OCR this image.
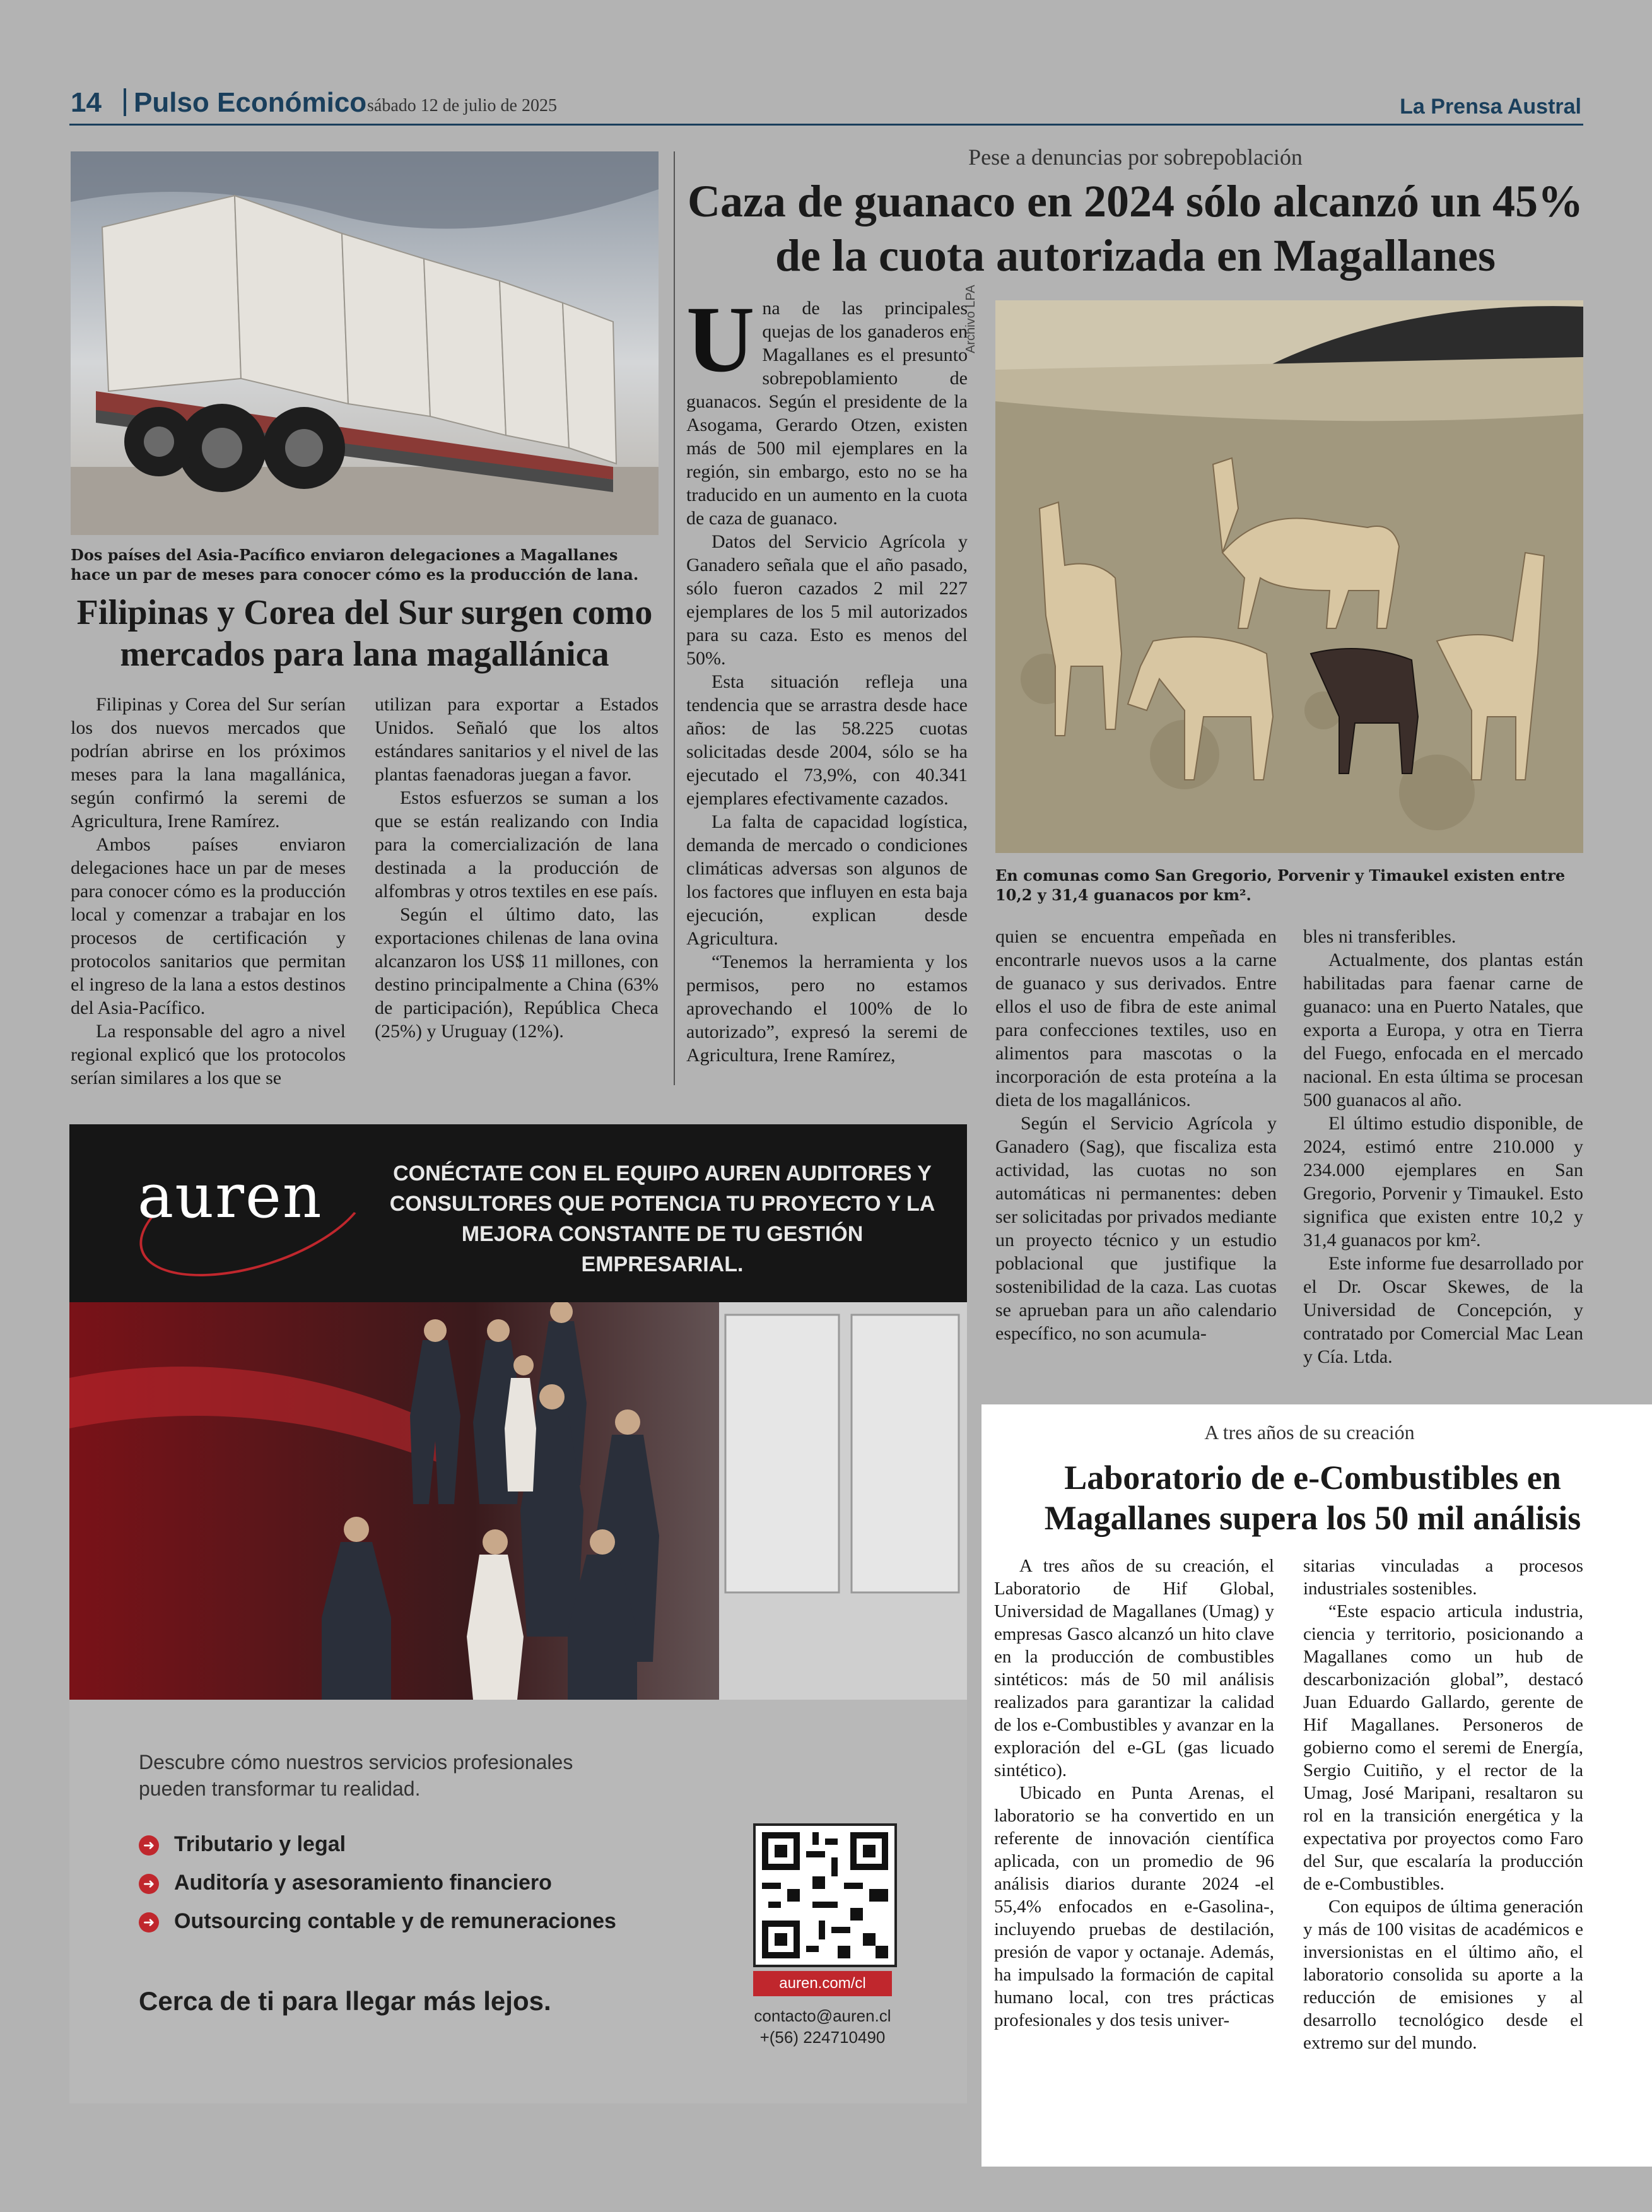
14 Pulso Económico sábado 12 de julio de 2025	La Prensa Austral
Dos países del Asia-Pacífico enviaron delegaciones a Magallanes hace un par de meses para conocer cómo es la producción de lana.
Filipinas y Corea del Sur surgen como mercados para lana magallánica

Filipinas y Corea del Sur serían los dos nuevos mercados que podrían abrirse en los próximos meses para la lana magallánica, según confirmó la seremi de Agricultura, Irene Ramírez.

Ambos países enviaron delegaciones hace un par de meses para conocer cómo es la producción local y comenzar a trabajar en los procesos de certificación y protocolos sanitarios que permitan el ingreso de la lana a estos destinos del Asia-Pacífico.

La responsable del agro a nivel regional explicó que los protocolos serían similares a los que se

utilizan para exportar a Estados Unidos. Señaló que los altos estándares sanitarios y el nivel de las plantas faenadoras juegan a favor.

Estos esfuerzos se suman a los que se están realizando con India para la comercialización de lana destinada a la producción de alfombras y otros textiles en ese país.

Según el último dato, las exportaciones chilenas de lana ovina alcanzaron los US$ 11 millones, con destino principalmente a China (63% de participación), República Checa (25%) y Uruguay (12%).

Pese a denuncias por sobrepoblación
Caza de guanaco en 2024 sólo alcanzó un 45% de la cuota autorizada en Magallanes
Archivo LPA
En comunas como San Gregorio, Porvenir y Timaukel existen entre 10,2 y 31,4 guanacos por km².
U na de las principales quejas de los ganaderos en Magallanes es el presunto sobrepoblamiento de guanacos. Según el presidente de la Asogama, Gerardo Otzen, existen más de 500 mil ejemplares en la región, sin embargo, esto no se ha traducido en un aumento en la cuota de caza de guanaco.

Datos del Servicio Agrícola y Ganadero señala que el año pasado, sólo fueron cazados 2 mil 227 ejemplares de los 5 mil autorizados para su caza. Esto es menos del 50%.

Esta situación refleja una tendencia que se arrastra desde hace años: de las 58.225 cuotas solicitadas desde 2004, sólo se ha ejecutado el 73,9%, con 40.341 ejemplares efectivamente cazados.

La falta de capacidad logística, demanda de mercado o condiciones climáticas adversas son algunos de los factores que influyen en esta baja ejecución, explican desde Agricultura.

“Tenemos la herramienta y los permisos, pero no estamos aprovechando el 100% de lo autorizado”, expresó la seremi de Agricultura, Irene Ramírez,

quien se encuentra empeñada en encontrarle nuevos usos a la carne de guanaco y sus derivados. Entre ellos el uso de fibra de este animal para confecciones textiles, uso en alimentos para mascotas o la incorporación de esta proteína a la dieta de los magallánicos.

Según el Servicio Agrícola y Ganadero (Sag), que fiscaliza esta actividad, las cuotas no son automáticas ni permanentes: deben ser solicitadas por privados mediante un proyecto técnico y un estudio poblacional que justifique la sostenibilidad de la caza. Las cuotas se aprueban para un año calendario específico, no son acumula-

bles ni transferibles.

Actualmente, dos plantas están habilitadas para faenar carne de guanaco: una en Puerto Natales, que exporta a Europa, y otra en Tierra del Fuego, enfocada en el mercado nacional. En esta última se procesan 500 guanacos al año.

El último estudio disponible, de 2024, estimó entre 210.000 y 234.000 ejemplares en San Gregorio, Porvenir y Timaukel. Esto significa que existen entre 10,2 y 31,4 guanacos por km².

Este informe fue desarrollado por el Dr. Oscar Skewes, de la Universidad de Concepción, y contratado por Comercial Mac Lean y Cía. Ltda.

auren	CONÉCTATE CON EL EQUIPO AUREN AUDITORES Y CONSULTORES QUE POTENCIA TU PROYECTO Y LA MEJORA CONSTANTE DE TU GESTIÓN EMPRESARIAL.
Descubre cómo nuestros servicios profesionales pueden transformar tu realidad.
➜ Tributario y legal
➜ Auditoría y asesoramiento financiero
➜ Outsourcing contable y de remuneraciones
Cerca de ti para llegar más lejos.
auren.com/cl
contacto@auren.cl
+(56) 224710490
A tres años de su creación
Laboratorio de e-Combustibles en Magallanes supera los 50 mil análisis

A tres años de su creación, el Laboratorio de Hif Global, Universidad de Magallanes (Umag) y empresas Gasco alcanzó un hito clave en la producción de combustibles sintéticos: más de 50 mil análisis realizados para garantizar la calidad de los e-Combustibles y avanzar en la exploración del e-GL (gas licuado sintético).

Ubicado en Punta Arenas, el laboratorio se ha convertido en un referente de innovación científica aplicada, con un promedio de 96 análisis diarios durante 2024 -el 55,4% enfocados en e-Gasolina-, incluyendo pruebas de destilación, presión de vapor y octanaje. Además, ha impulsado la formación de capital humano local, con tres prácticas profesionales y dos tesis univer-

sitarias vinculadas a procesos industriales sostenibles.

“Este espacio articula industria, ciencia y territorio, posicionando a Magallanes como un hub de descarbonización global”, destacó Juan Eduardo Gallardo, gerente de Hif Magallanes. Personeros de gobierno como el seremi de Energía, Sergio Cuitiño, y el rector de la Umag, José Maripani, resaltaron su rol en la transición energética y la expectativa por proyectos como Faro del Sur, que escalaría la producción de e-Combustibles.

Con equipos de última generación y más de 100 visitas de académicos e inversionistas en el último año, el laboratorio consolida su aporte a la reducción de emisiones y al desarrollo tecnológico desde el extremo sur del mundo.
